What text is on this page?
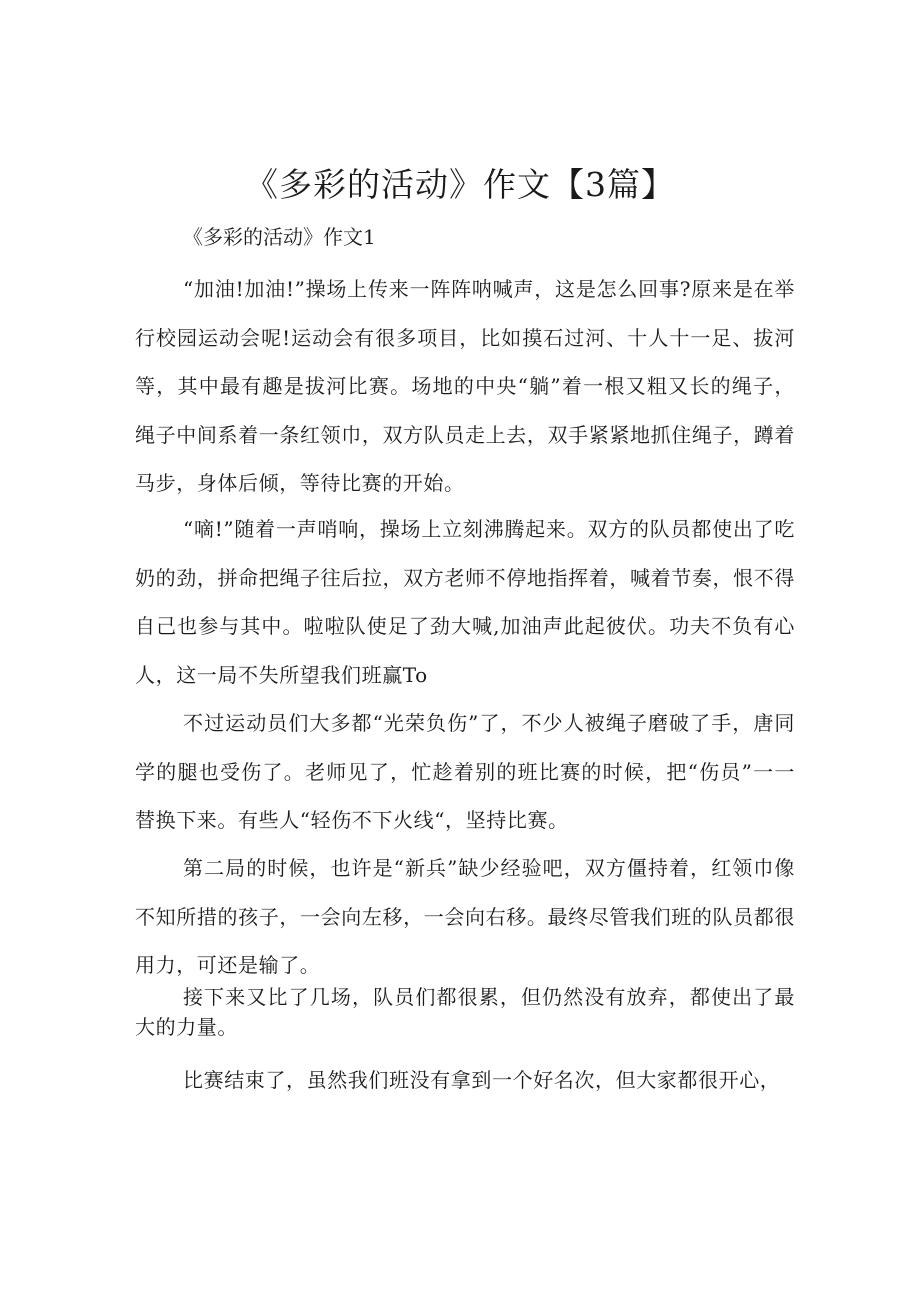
《多彩的活动》作文【3篇】

《多彩的活动》作文1

“加油!加油!”操场上传来一阵阵呐喊声，这是怎么回事?原来是在举行校园运动会呢!运动会有很多项目，比如摸石过河、十人十一足、拔河等，其中最有趣是拔河比赛。场地的中央“躺”着一根又粗又长的绳子，绳子中间系着一条红领巾，双方队员走上去，双手紧紧地抓住绳子，蹲着马步，身体后倾，等待比赛的开始。

“嘀!”随着一声哨响，操场上立刻沸腾起来。双方的队员都使出了吃奶的劲，拼命把绳子往后拉，双方老师不停地指挥着，喊着节奏，恨不得自己也参与其中。啦啦队使足了劲大喊,加油声此起彼伏。功夫不负有心人，这一局不失所望我们班赢To

不过运动员们大多都“光荣负伤”了，不少人被绳子磨破了手，唐同学的腿也受伤了。老师见了，忙趁着别的班比赛的时候，把“伤员”一一替换下来。有些人“轻伤不下火线“，坚持比赛。

第二局的时候，也许是“新兵”缺少经验吧，双方僵持着，红领巾像不知所措的孩子，一会向左移，一会向右移。最终尽管我们班的队员都很用力，可还是输了。

接下来又比了几场，队员们都很累，但仍然没有放弃，都使出了最大的力量。

比赛结束了，虽然我们班没有拿到一个好名次，但大家都很开心，
